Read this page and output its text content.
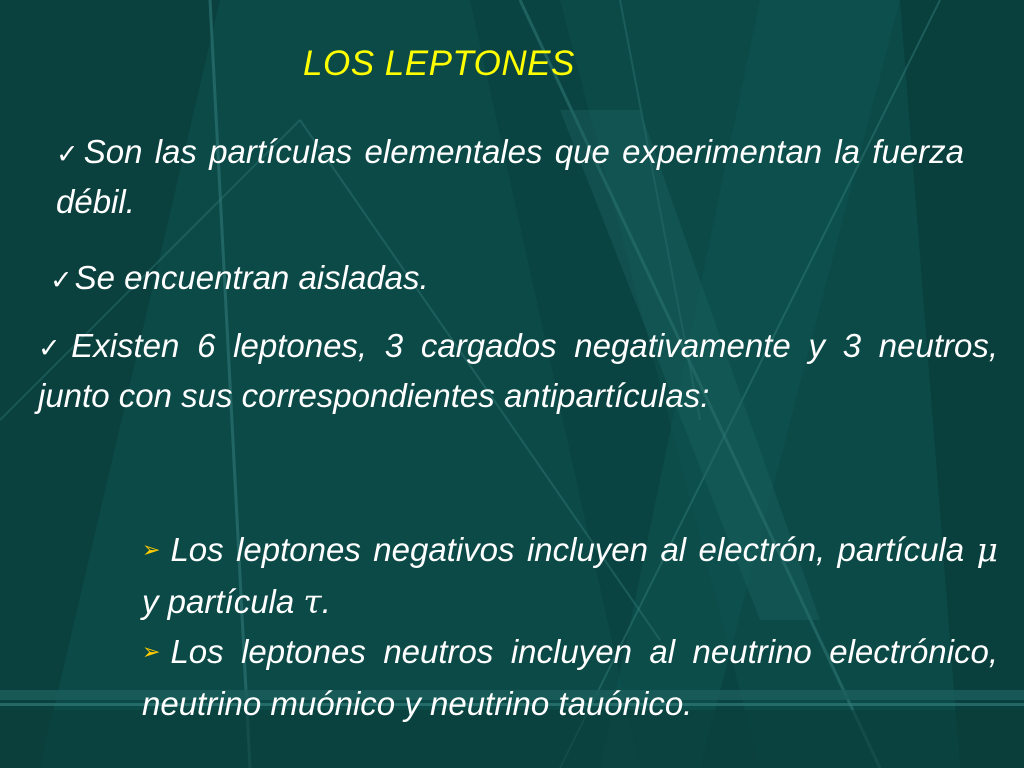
LOS LEPTONES
✓Son las partículas elementales que experimentan la fuerza débil.
✓Se encuentran aisladas.
✓Existen 6 leptones, 3 cargados negativamente y 3 neutros, junto con sus correspondientes antipartículas:
➢ Los leptones negativos incluyen al electrón, partícula μ y partícula τ.
➢ Los leptones neutros incluyen al neutrino electrónico, neutrino muónico y neutrino tauónico.
